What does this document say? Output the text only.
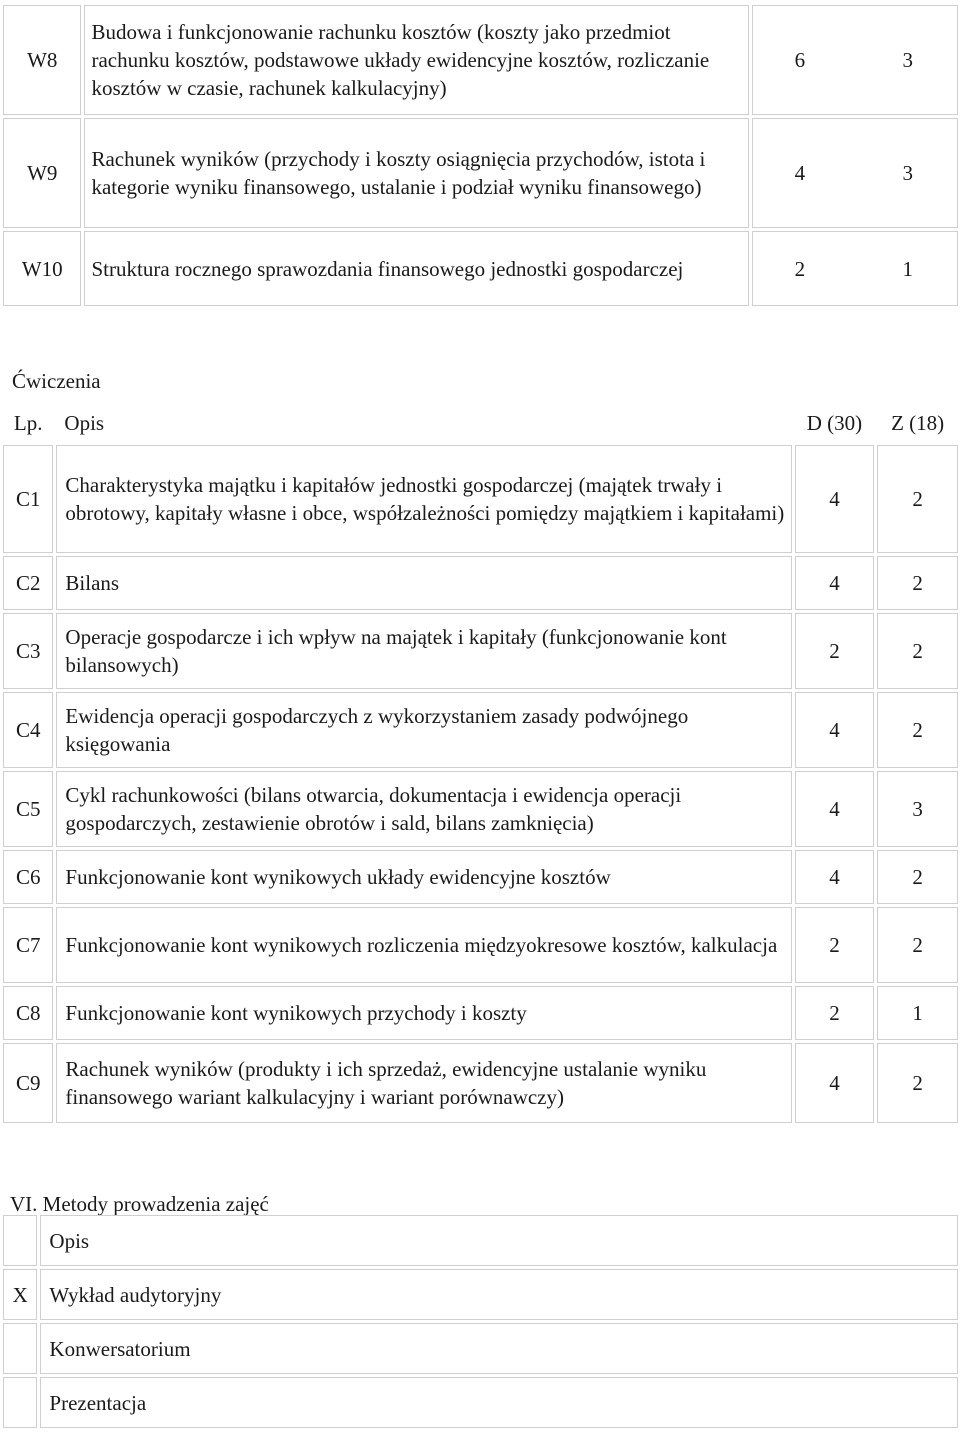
W8	Budowa i funkcjonowanie rachunku kosztów (koszty jako przedmiot rachunku kosztów, podstawowe układy ewidencyjne kosztów, rozliczanie kosztów w czasie, rachunek kalkulacyjny)	6 3

W9	Rachunek wyników (przychody i koszty osiągnięcia przychodów, istota i kategorie wyniku finansowego, ustalanie i podział wyniku finansowego)	4 3

W10	Struktura rocznego sprawozdania finansowego jednostki gospodarczej	2 1
Ćwiczenia
Lp.	Opis	D (30)	Z (18)
C1	Charakterystyka majątku i kapitałów jednostki gospodarczej (majątek trwały i obrotowy, kapitały własne i obce, współzależności pomiędzy majątkiem i kapitałami)	4	2
C2	Bilans	4	2
C3	Operacje gospodarcze i ich wpływ na majątek i kapitały (funkcjonowanie kont bilansowych)	2	2
C4	Ewidencja operacji gospodarczych z wykorzystaniem zasady podwójnego księgowania	4	2
C5	Cykl rachunkowości (bilans otwarcia, dokumentacja i ewidencja operacji gospodarczych, zestawienie obrotów i sald, bilans zamknięcia)	4	3
C6	Funkcjonowanie kont wynikowych układy ewidencyjne kosztów	4	2
C7	Funkcjonowanie kont wynikowych rozliczenia międzyokresowe kosztów, kalkulacja	2	2
C8	Funkcjonowanie kont wynikowych przychody i koszty	2	1
C9	Rachunek wyników (produkty i ich sprzedaż, ewidencyjne ustalanie wyniku finansowego wariant kalkulacyjny i wariant porównawczy)	4	2
VI. Metody prowadzenia zajęć
	Opis
X	Wykład audytoryjny
	Konwersatorium
	Prezentacja
